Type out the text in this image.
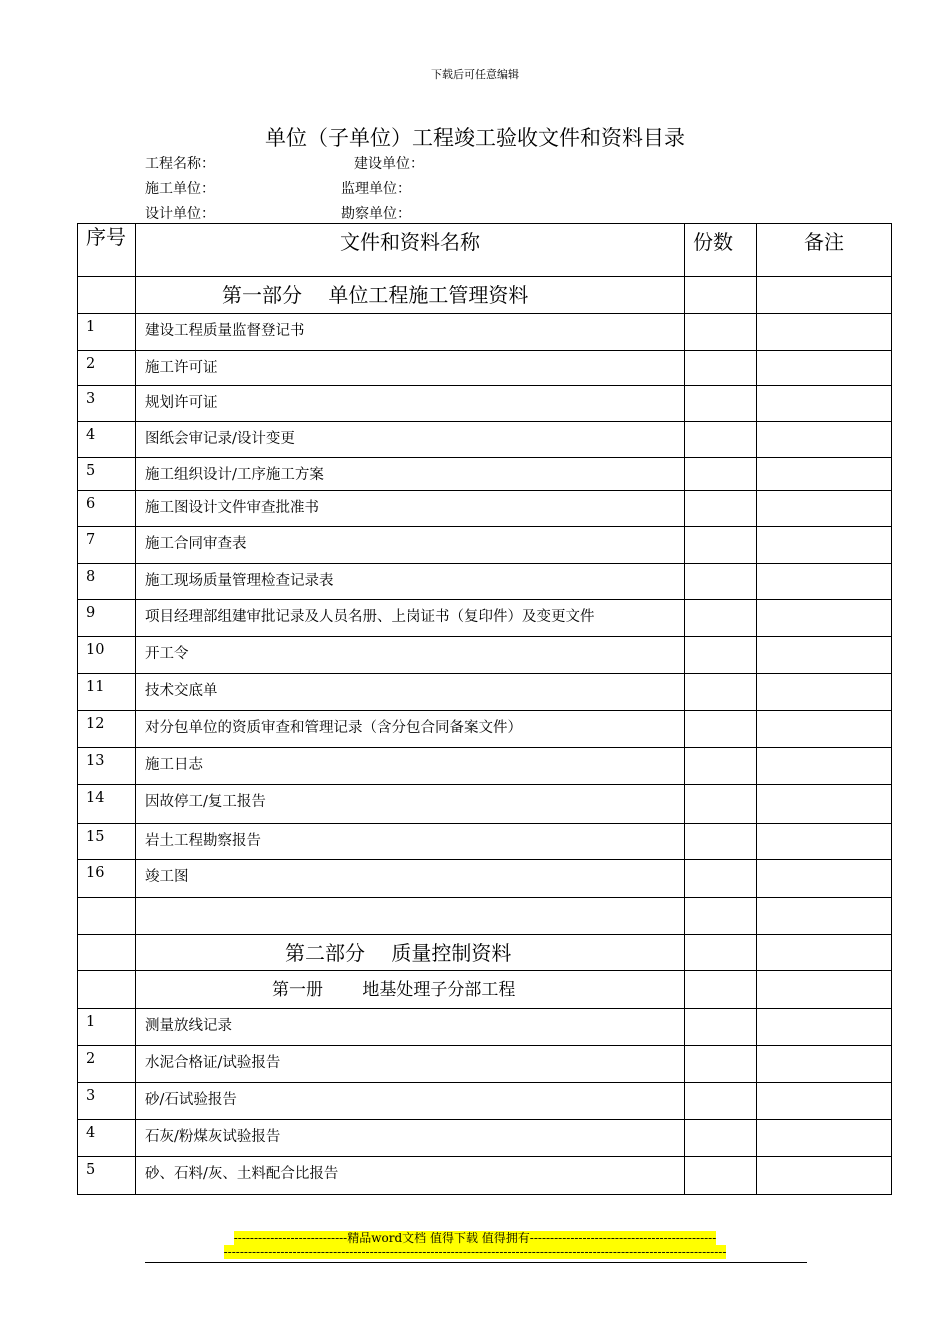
下载后可任意编辑
单位（子单位）工程竣工验收文件和资料目录
工程名称：	建设单位：
施工单位：	监理单位：
设计单位：	勘察单位：
序号	文件和资料名称	份数	备注
	第一部分 　单位工程施工管理资料		
1	建设工程质量监督登记书		
2	施工许可证		
3	规划许可证		
4	图纸会审记录/设计变更		
5	施工组织设计/工序施工方案		
6	施工图设计文件审查批准书		
7	施工合同审查表		
8	施工现场质量管理检查记录表		
9	项目经理部组建审批记录及人员名册、上岗证书（复印件）及变更文件		
10	开工令		
11	技术交底单		
12	对分包单位的资质审查和管理记录（含分包合同备案文件）		
13	施工日志		
14	因故停工/复工报告		
15	岩土工程勘察报告		
16	竣工图		

	第二部分 　质量控制资料		
	第一册 　　地基处理子分部工程		
1	测量放线记录		
2	水泥合格证/试验报告		
3	砂/石试验报告		
4	石灰/粉煤灰试验报告		
5	砂、石料/灰、土料配合比报告		
----------------------------精品word文档 值得下载 值得拥有----------------------------------------------
----------------------------------------------------------------------------------------------------------------------------
